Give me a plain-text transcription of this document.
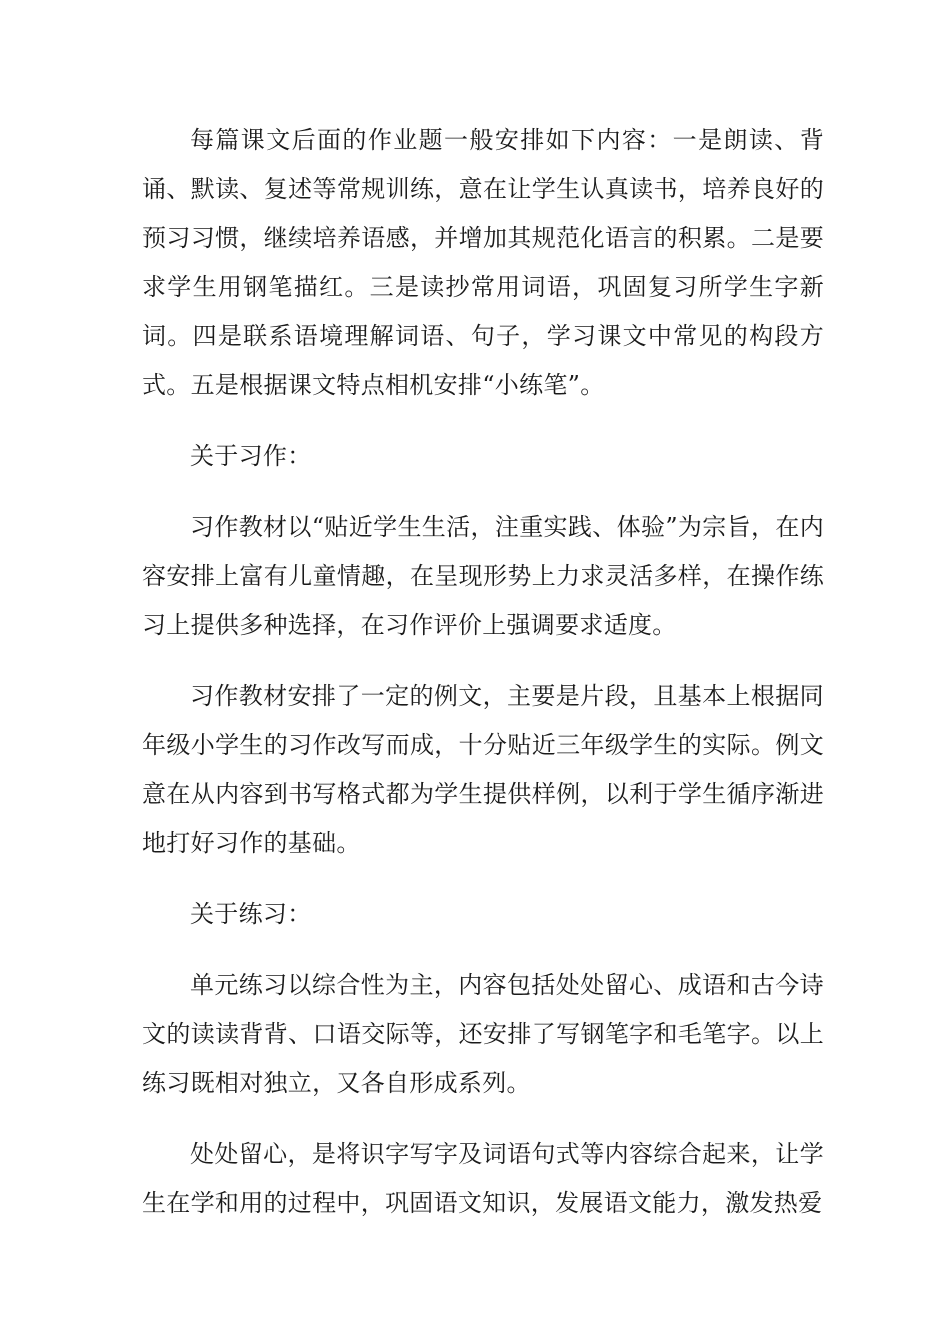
每篇课文后面的作业题一般安排如下内容：一是朗读、背诵、默读、复述等常规训练，意在让学生认真读书，培养良好的预习习惯，继续培养语感，并增加其规范化语言的积累。二是要求学生用钢笔描红。三是读抄常用词语，巩固复习所学生字新词。四是联系语境理解词语、句子，学习课文中常见的构段方式。五是根据课文特点相机安排“小练笔”。

关于习作：

习作教材以“贴近学生生活，注重实践、体验”为宗旨，在内容安排上富有儿童情趣，在呈现形势上力求灵活多样，在操作练习上提供多种选择，在习作评价上强调要求适度。

习作教材安排了一定的例文，主要是片段，且基本上根据同年级小学生的习作改写而成，十分贴近三年级学生的实际。例文意在从内容到书写格式都为学生提供样例，以利于学生循序渐进地打好习作的基础。

关于练习：

单元练习以综合性为主，内容包括处处留心、成语和古今诗文的读读背背、口语交际等，还安排了写钢笔字和毛笔字。以上练习既相对独立，又各自形成系列。

处处留心，是将识字写字及词语句式等内容综合起来，让学生在学和用的过程中，巩固语文知识，发展语文能力，激发热爱
